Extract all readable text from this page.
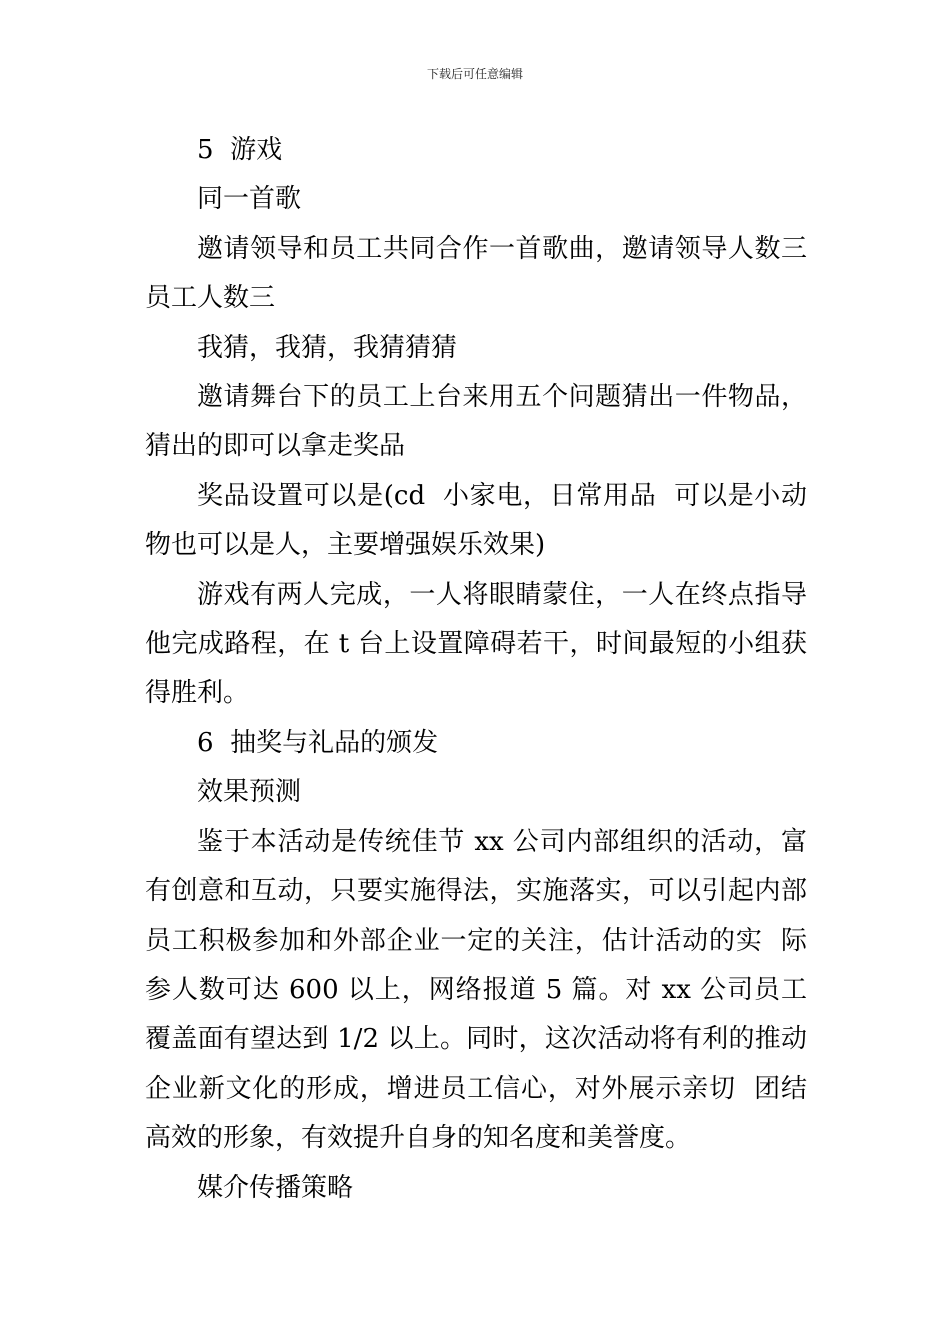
下载后可任意编辑

5  游戏

同一首歌

邀请领导和员工共同合作一首歌曲，邀请领导人数三员工人数三

我猜，我猜，我猜猜猜

邀请舞台下的员工上台来用五个问题猜出一件物品，猜出的即可以拿走奖品

奖品设置可以是(cd  小家电，日常用品  可以是小动物也可以是人，主要增强娱乐效果)

游戏有两人完成，一人将眼睛蒙住，一人在终点指导他完成路程，在 t 台上设置障碍若干，时间最短的小组获得胜利。

6  抽奖与礼品的颁发

效果预测

鉴于本活动是传统佳节 xx 公司内部组织的活动，富有创意和互动，只要实施得法，实施落实，可以引起内部员工积极参加和外部企业一定的关注，估计活动的实  际参人数可达 600 以上，网络报道 5 篇。对 xx 公司员工覆盖面有望达到 1/2 以上。同时，这次活动将有利的推动企业新文化的形成，增进员工信心，对外展示亲切  团结高效的形象，有效提升自身的知名度和美誉度。

媒介传播策略
